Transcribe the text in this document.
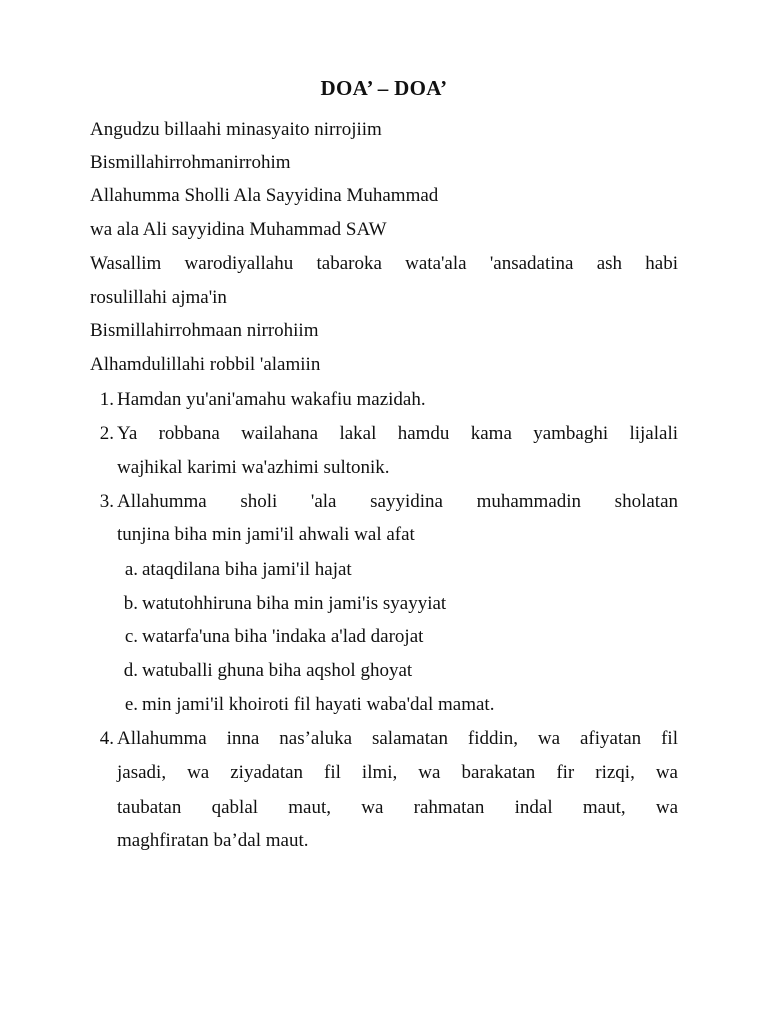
DOA’ – DOA’
Angudzu billaahi minasyaito nirrojiim
Bismillahirrohmanirrohim
Allahumma Sholli Ala Sayyidina Muhammad
wa ala Ali sayyidina Muhammad SAW
Wasallim warodiyallahu tabaroka wata'ala 'ansadatina ash habi
rosulillahi ajma'in
Bismillahirrohmaan nirrohiim
Alhamdulillahi robbil 'alamiin
1. Hamdan yu'ani'amahu wakafiu mazidah.
2. Ya robbana wailahana lakal hamdu kama yambaghi lijalali
wajhikal karimi wa'azhimi sultonik.
3. Allahumma sholi 'ala sayyidina muhammadin sholatan
tunjina biha min jami'il ahwali wal afat
a. ataqdilana biha jami'il hajat
b. watutohhiruna biha min jami'is syayyiat
c. watarfa'una biha 'indaka a'lad darojat
d. watuballi ghuna biha aqshol ghoyat
e. min jami'il khoiroti fil hayati waba'dal mamat.
4. Allahumma inna nas’aluka salamatan fiddin, wa afiyatan fil
jasadi, wa ziyadatan fil ilmi, wa barakatan fir rizqi, wa
taubatan qablal maut, wa rahmatan indal maut, wa
maghfiratan ba’dal maut.
